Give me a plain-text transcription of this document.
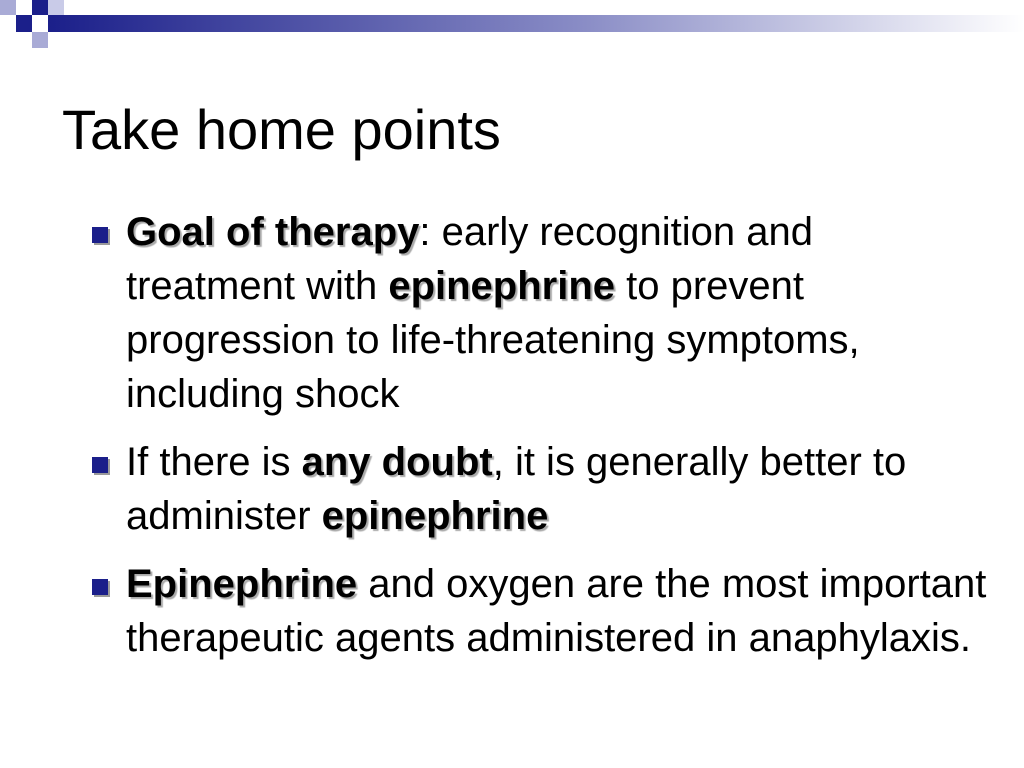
Take home points
Goal of therapy: early recognition and treatment with epinephrine to prevent progression to life-threatening symptoms, including shock
If there is any doubt, it is generally better to administer epinephrine
Epinephrine and oxygen are the most important therapeutic agents administered in anaphylaxis.
